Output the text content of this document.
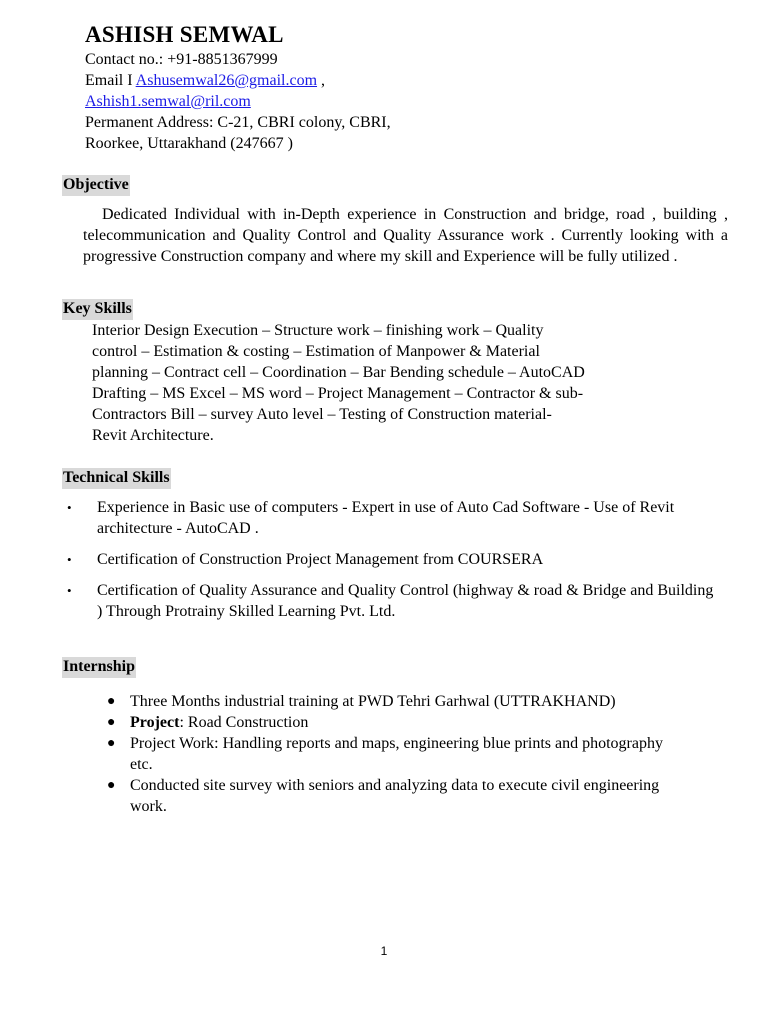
ASHISH SEMWAL
Contact no.: +91-8851367999
Email I Ashusemwal26@gmail.com ,
Ashish1.semwal@ril.com
Permanent Address: C-21, CBRI colony, CBRI,
Roorkee, Uttarakhand (247667 )
Objective
Dedicated Individual with in-Depth experience in Construction and bridge, road , building , telecommunication and Quality Control and Quality Assurance work . Currently looking with a progressive Construction company and where my skill and Experience will be fully utilized .
Key Skills
Interior Design Execution – Structure work – finishing work – Quality
control – Estimation & costing – Estimation of Manpower & Material
planning – Contract cell – Coordination – Bar Bending schedule – AutoCAD
Drafting – MS Excel – MS word – Project Management – Contractor & sub-
Contractors Bill – survey Auto level – Testing of Construction material-
Revit Architecture.
Technical Skills
• Experience in Basic use of computers - Expert in use of Auto Cad Software - Use of Revit architecture - AutoCAD .
• Certification of Construction Project Management from COURSERA
• Certification of Quality Assurance and Quality Control (highway & road & Bridge and Building ) Through Protrainy Skilled Learning Pvt. Ltd.
Internship
● Three Months industrial training at PWD Tehri Garhwal (UTTRAKHAND)
● Project: Road Construction
● Project Work: Handling reports and maps, engineering blue prints and photography etc.
● Conducted site survey with seniors and analyzing data to execute civil engineering work.
1
